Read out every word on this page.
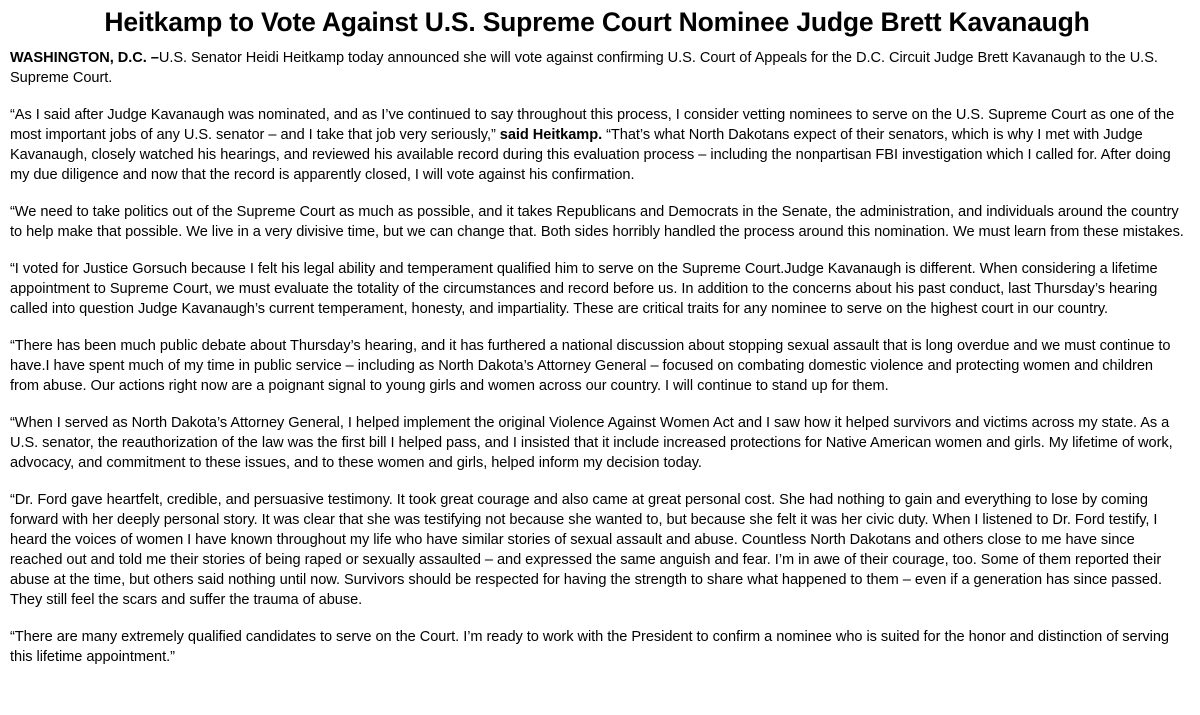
Heitkamp to Vote Against U.S. Supreme Court Nominee Judge Brett Kavanaugh

WASHINGTON, D.C. –U.S. Senator Heidi Heitkamp today announced she will vote against confirming U.S. Court of Appeals for the D.C. Circuit Judge Brett Kavanaugh to the U.S. Supreme Court.

“As I said after Judge Kavanaugh was nominated, and as I’ve continued to say throughout this process, I consider vetting nominees to serve on the U.S. Supreme Court as one of the most important jobs of any U.S. senator – and I take that job very seriously,” said Heitkamp. “That’s what North Dakotans expect of their senators, which is why I met with Judge Kavanaugh, closely watched his hearings, and reviewed his available record during this evaluation process – including the nonpartisan FBI investigation which I called for. After doing my due diligence and now that the record is apparently closed, I will vote against his confirmation.

“We need to take politics out of the Supreme Court as much as possible, and it takes Republicans and Democrats in the Senate, the administration, and individuals around the country to help make that possible. We live in a very divisive time, but we can change that. Both sides horribly handled the process around this nomination. We must learn from these mistakes.

“I voted for Justice Gorsuch because I felt his legal ability and temperament qualified him to serve on the Supreme Court.Judge Kavanaugh is different. When considering a lifetime appointment to Supreme Court, we must evaluate the totality of the circumstances and record before us. In addition to the concerns about his past conduct, last Thursday’s hearing called into question Judge Kavanaugh’s current temperament, honesty, and impartiality. These are critical traits for any nominee to serve on the highest court in our country.

“There has been much public debate about Thursday’s hearing, and it has furthered a national discussion about stopping sexual assault that is long overdue and we must continue to have.I have spent much of my time in public service – including as North Dakota’s Attorney General – focused on combating domestic violence and protecting women and children from abuse. Our actions right now are a poignant signal to young girls and women across our country. I will continue to stand up for them.

“When I served as North Dakota’s Attorney General, I helped implement the original Violence Against Women Act and I saw how it helped survivors and victims across my state. As a U.S. senator, the reauthorization of the law was the first bill I helped pass, and I insisted that it include increased protections for Native American women and girls. My lifetime of work, advocacy, and commitment to these issues, and to these women and girls, helped inform my decision today.

“Dr. Ford gave heartfelt, credible, and persuasive testimony. It took great courage and also came at great personal cost. She had nothing to gain and everything to lose by coming forward with her deeply personal story. It was clear that she was testifying not because she wanted to, but because she felt it was her civic duty. When I listened to Dr. Ford testify, I heard the voices of women I have known throughout my life who have similar stories of sexual assault and abuse. Countless North Dakotans and others close to me have since reached out and told me their stories of being raped or sexually assaulted – and expressed the same anguish and fear. I’m in awe of their courage, too. Some of them reported their abuse at the time, but others said nothing until now. Survivors should be respected for having the strength to share what happened to them – even if a generation has since passed. They still feel the scars and suffer the trauma of abuse.

“There are many extremely qualified candidates to serve on the Court. I’m ready to work with the President to confirm a nominee who is suited for the honor and distinction of serving this lifetime appointment.”
